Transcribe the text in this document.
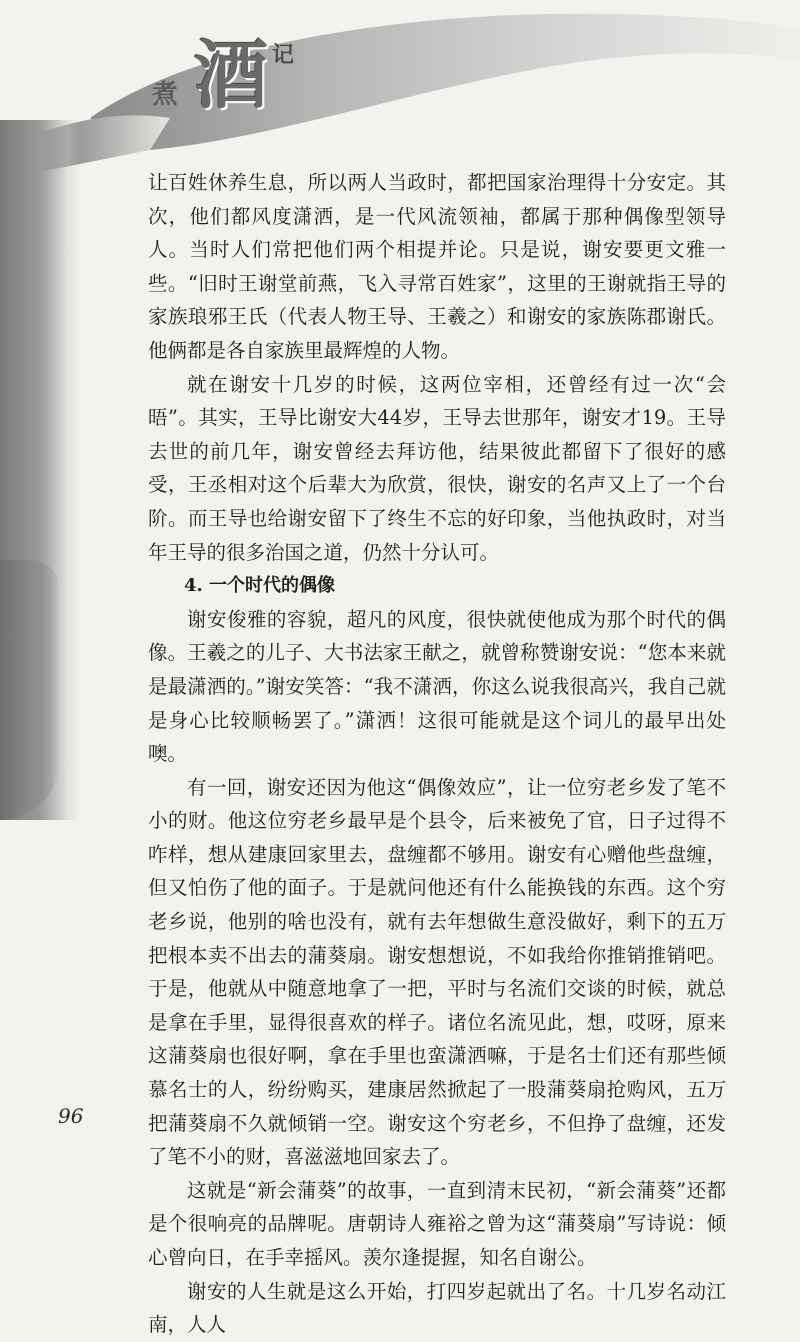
煮 酒 记

让百姓休养生息，所以两人当政时，都把国家治理得十分安定。其次，他们都风度潇洒，是一代风流领袖，都属于那种偶像型领导人。当时人们常把他们两个相提并论。只是说，谢安要更文雅一些。“旧时王谢堂前燕，飞入寻常百姓家”，这里的王谢就指王导的家族琅邪王氏（代表人物王导、王羲之）和谢安的家族陈郡谢氏。他俩都是各自家族里最辉煌的人物。

就在谢安十几岁的时候，这两位宰相，还曾经有过一次“会晤”。其实，王导比谢安大44岁，王导去世那年，谢安才19。王导去世的前几年，谢安曾经去拜访他，结果彼此都留下了很好的感受，王丞相对这个后辈大为欣赏，很快，谢安的名声又上了一个台阶。而王导也给谢安留下了终生不忘的好印象，当他执政时，对当年王导的很多治国之道，仍然十分认可。

4. 一个时代的偶像

谢安俊雅的容貌，超凡的风度，很快就使他成为那个时代的偶像。王羲之的儿子、大书法家王献之，就曾称赞谢安说：“您本来就是最潇洒的。”谢安笑答：“我不潇洒，你这么说我很高兴，我自己就是身心比较顺畅罢了。”潇洒！这很可能就是这个词儿的最早出处噢。

有一回，谢安还因为他这“偶像效应”，让一位穷老乡发了笔不小的财。他这位穷老乡最早是个县令，后来被免了官，日子过得不咋样，想从建康回家里去，盘缠都不够用。谢安有心赠他些盘缠，但又怕伤了他的面子。于是就问他还有什么能换钱的东西。这个穷老乡说，他别的啥也没有，就有去年想做生意没做好，剩下的五万把根本卖不出去的蒲葵扇。谢安想想说，不如我给你推销推销吧。于是，他就从中随意地拿了一把，平时与名流们交谈的时候，就总是拿在手里，显得很喜欢的样子。诸位名流见此，想，哎呀，原来这蒲葵扇也很好啊，拿在手里也蛮潇洒嘛，于是名士们还有那些倾慕名士的人，纷纷购买，建康居然掀起了一股蒲葵扇抢购风，五万把蒲葵扇不久就倾销一空。谢安这个穷老乡，不但挣了盘缠，还发了笔不小的财，喜滋滋地回家去了。

这就是“新会蒲葵”的故事，一直到清末民初，“新会蒲葵”还都是个很响亮的品牌呢。唐朝诗人雍裕之曾为这“蒲葵扇”写诗说：倾心曾向日，在手幸摇风。羡尔逢提握，知名自谢公。

谢安的人生就是这么开始，打四岁起就出了名。十几岁名动江南，人人

96
